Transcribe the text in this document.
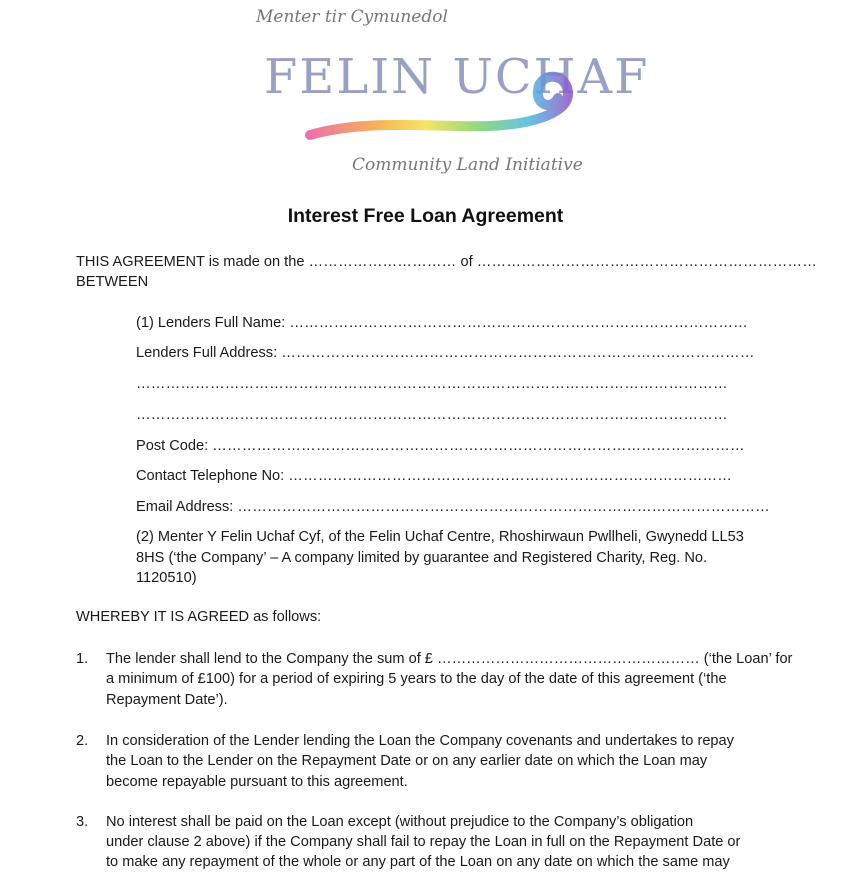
Menter tir Cymunedol
FELIN UCHAF
Community Land Initiative
Interest Free Loan Agreement
THIS AGREEMENT is made on the ………………………… of ……………………………………………………………
BETWEEN
(1) Lenders Full Name: …………………………………………………………………………………
Lenders Full Address: ……………………………………………………………………………………
…………………………………………………………………………………………………………
…………………………………………………………………………………………………………
Post Code: ………………………………………………………………………………………………
Contact Telephone No: ………………………………………………………………………………
Email Address: ………………………………………………………………………………………………
(2) Menter Y Felin Uchaf Cyf, of the Felin Uchaf Centre, Rhoshirwaun Pwllheli, Gwynedd LL53
8HS (‘the Company’ – A company limited by guarantee and Registered Charity, Reg. No.
1120510)
WHEREBY IT IS AGREED as follows:
1. The lender shall lend to the Company the sum of £ ……………………………………………… (‘the Loan’ for
a minimum of £100) for a period of expiring 5 years to the day of the date of this agreement (‘the
Repayment Date’).
2. In consideration of the Lender lending the Loan the Company covenants and undertakes to repay
the Loan to the Lender on the Repayment Date or on any earlier date on which the Loan may
become repayable pursuant to this agreement.
3. No interest shall be paid on the Loan except (without prejudice to the Company’s obligation
under clause 2 above) if the Company shall fail to repay the Loan in full on the Repayment Date or
to make any repayment of the whole or any part of the Loan on any date on which the same may
